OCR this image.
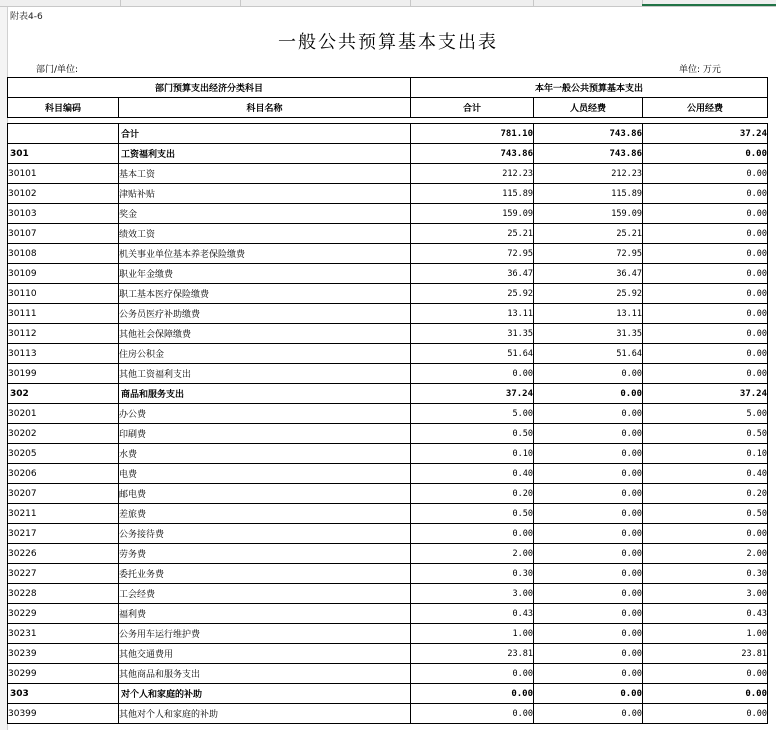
附表4-6
一般公共预算基本支出表
部门/单位:	单位: 万元
部门预算支出经济分类科目		本年一般公共预算基本支出		
科目编码	科目名称	合计	人员经费	公用经费

	合计	781.10	743.86	37.24
301	工资福利支出	743.86	743.86	0.00
30101	基本工资	212.23	212.23	0.00
30102	津贴补贴	115.89	115.89	0.00
30103	奖金	159.09	159.09	0.00
30107	绩效工资	25.21	25.21	0.00
30108	机关事业单位基本养老保险缴费	72.95	72.95	0.00
30109	职业年金缴费	36.47	36.47	0.00
30110	职工基本医疗保险缴费	25.92	25.92	0.00
30111	公务员医疗补助缴费	13.11	13.11	0.00
30112	其他社会保障缴费	31.35	31.35	0.00
30113	住房公积金	51.64	51.64	0.00
30199	其他工资福利支出	0.00	0.00	0.00
302	商品和服务支出	37.24	0.00	37.24
30201	办公费	5.00	0.00	5.00
30202	印刷费	0.50	0.00	0.50
30205	水费	0.10	0.00	0.10
30206	电费	0.40	0.00	0.40
30207	邮电费	0.20	0.00	0.20
30211	差旅费	0.50	0.00	0.50
30217	公务接待费	0.00	0.00	0.00
30226	劳务费	2.00	0.00	2.00
30227	委托业务费	0.30	0.00	0.30
30228	工会经费	3.00	0.00	3.00
30229	福利费	0.43	0.00	0.43
30231	公务用车运行维护费	1.00	0.00	1.00
30239	其他交通费用	23.81	0.00	23.81
30299	其他商品和服务支出	0.00	0.00	0.00
303	对个人和家庭的补助	0.00	0.00	0.00
30399	其他对个人和家庭的补助	0.00	0.00	0.00
